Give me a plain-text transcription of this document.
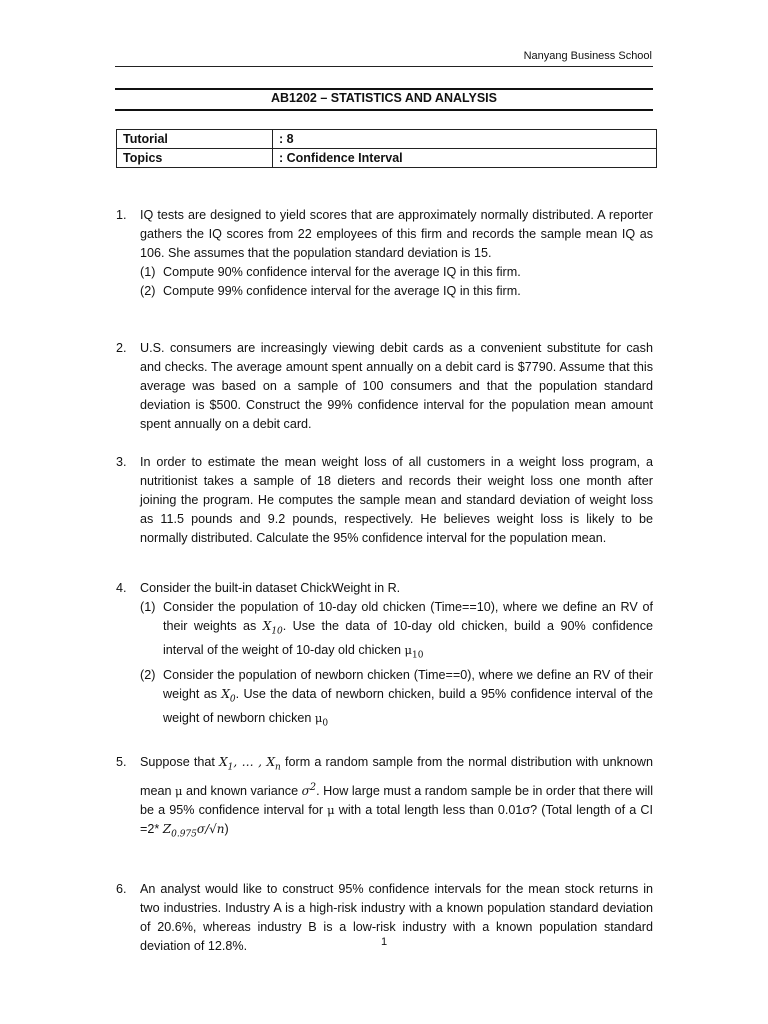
Nanyang Business School
AB1202 – STATISTICS AND ANALYSIS
Tutorial	: 8
Topics	: Confidence Interval
1. IQ tests are designed to yield scores that are approximately normally distributed. A reporter gathers the IQ scores from 22 employees of this firm and records the sample mean IQ as 106. She assumes that the population standard deviation is 15.
(1) Compute 90% confidence interval for the average IQ in this firm.
(2) Compute 99% confidence interval for the average IQ in this firm.
2. U.S. consumers are increasingly viewing debit cards as a convenient substitute for cash and checks. The average amount spent annually on a debit card is $7790. Assume that this average was based on a sample of 100 consumers and that the population standard deviation is $500. Construct the 99% confidence interval for the population mean amount spent annually on a debit card.
3. In order to estimate the mean weight loss of all customers in a weight loss program, a nutritionist takes a sample of 18 dieters and records their weight loss one month after joining the program. He computes the sample mean and standard deviation of weight loss as 11.5 pounds and 9.2 pounds, respectively. He believes weight loss is likely to be normally distributed. Calculate the 95% confidence interval for the population mean.
4. Consider the built-in dataset ChickWeight in R.
(1) Consider the population of 10-day old chicken (Time==10), where we define an RV of their weights as $X_{10}$. Use the data of 10-day old chicken, build a 90% confidence interval of the weight of 10-day old chicken $\mu_{10}$
(2) Consider the population of newborn chicken (Time==0), where we define an RV of their weight as $X_0$. Use the data of newborn chicken, build a 95% confidence interval of the weight of newborn chicken $\mu_0$
5. Suppose that $X_1$, … , $X_n$ form a random sample from the normal distribution with unknown mean μ and known variance $\sigma^2$. How large must a random sample be in order that there will be a 95% confidence interval for μ with a total length less than 0.01σ? (Total length of a CI =2* $Z_{0.975}\sigma/√n$)
6. An analyst would like to construct 95% confidence intervals for the mean stock returns in two industries. Industry A is a high-risk industry with a known population standard deviation of 20.6%, whereas industry B is a low-risk industry with a known population standard deviation of 12.8%.	1
